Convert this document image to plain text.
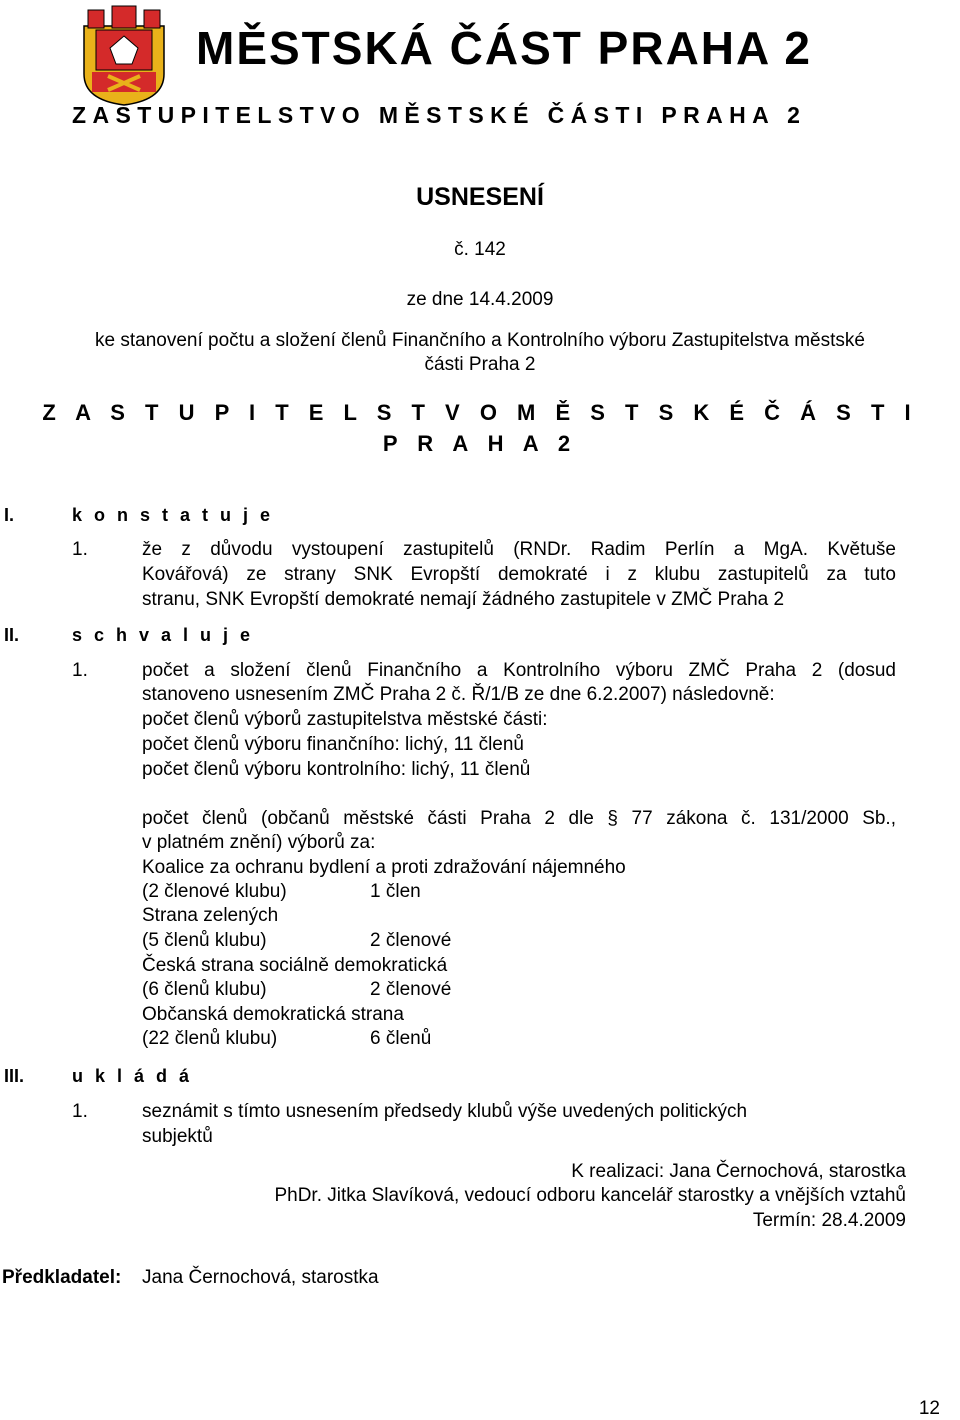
MĚSTSKÁ ČÁST PRAHA 2
ZASTUPITELSTVO MĚSTSKÉ ČÁSTI PRAHA 2
USNESENÍ
č. 142
ze dne 14.4.2009
ke stanovení počtu a složení členů Finančního a Kontrolního výboru Zastupitelstva městské
části Praha 2
Z A S T U P I T E L S T V O M Ě S T S K É Č Á S T I
P R A H A 2
I.	k o n s t a t u j e
1.	že z důvodu vystoupení zastupitelů (RNDr. Radim Perlín a MgA. Květuše
Kovářová) ze strany SNK Evropští demokraté i z klubu zastupitelů za tuto
stranu, SNK Evropští demokraté nemají žádného zastupitele v ZMČ Praha 2
II.	s c h v a l u j e
1.	počet a složení členů Finančního a Kontrolního výboru ZMČ Praha 2 (dosud
stanoveno usnesením ZMČ Praha 2 č. Ř/1/B ze dne 6.2.2007) následovně:
počet členů výborů zastupitelstva městské části:
počet členů výboru finančního: lichý, 11 členů
počet členů výboru kontrolního: lichý, 11 členů
počet členů (občanů městské části Praha 2 dle § 77 zákona č. 131/2000 Sb.,
v platném znění) výborů za:
Koalice za ochranu bydlení a proti zdražování nájemného
(2 členové klubu)	1 člen
Strana zelených
(5 členů klubu)	2 členové
Česká strana sociálně demokratická
(6 členů klubu)	2 členové
Občanská demokratická strana
(22 členů klubu)	6 členů
III.	u k l á d á
1.	seznámit s tímto usnesením předsedy klubů výše uvedených politických
subjektů
K realizaci: Jana Černochová, starostka
PhDr. Jitka Slavíková, vedoucí odboru kancelář starostky a vnějších vztahů
Termín: 28.4.2009
Předkladatel: Jana Černochová, starostka
12
